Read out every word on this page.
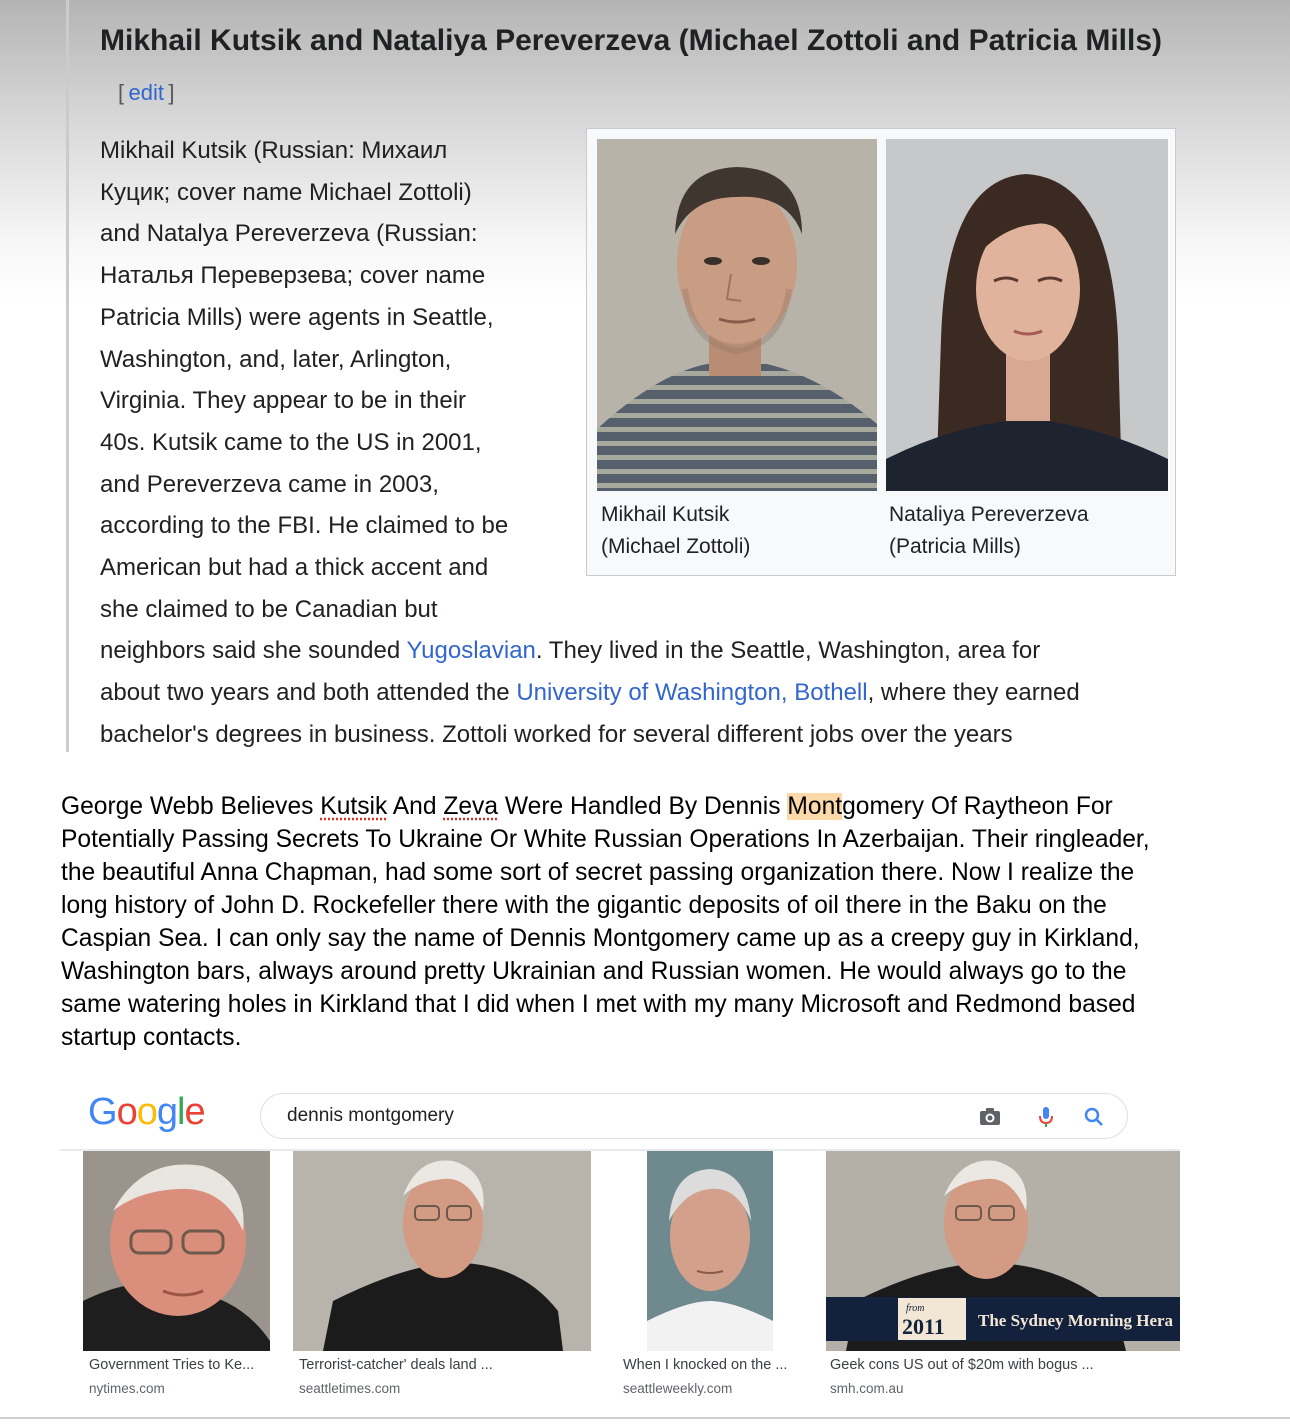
Mikhail Kutsik and Nataliya Pereverzeva (Michael Zottoli and Patricia Mills)[  edit  ]
Mikhail Kutsik
(Michael Zottoli)
Nataliya Pereverzeva
(Patricia Mills)

Mikhail Kutsik (Russian: Михаил

Куцик; cover name Michael Zottoli)

and Natalya Pereverzeva (Russian:

Наталья Переверзева; cover name

Patricia Mills) were agents in Seattle,

Washington, and, later, Arlington,

Virginia. They appear to be in their

40s. Kutsik came to the US in 2001,

and Pereverzeva came in 2003,

according to the FBI. He claimed to be

American but had a thick accent and

she claimed to be Canadian but

neighbors said she sounded Yugoslavian. They lived in the Seattle, Washington, area for

about two years and both attended the University of Washington, Bothell, where they earned

bachelor's degrees in business. Zottoli worked for several different jobs over the years

George Webb Believes Kutsik And Zeva Were Handled By Dennis Montgomery Of Raytheon For Potentially Passing Secrets To Ukraine Or White Russian Operations In Azerbaijan. Their ringleader, the beautiful Anna Chapman, had some sort of secret passing organization there. Now I realize the long history of John D. Rockefeller there with the gigantic deposits of oil there in the Baku on the Caspian Sea. I can only say the name of Dennis Montgomery came up as a creepy guy in Kirkland, Washington bars, always around pretty Ukrainian and Russian women. He would always go to the same watering holes in Kirkland that I did when I met with my many Microsoft and Redmond based startup contacts.
Google	dennis montgomery
from
2011 The Sydney Morning Hera
Government Tries to Ke...
nytimes.com
Terrorist-catcher' deals land ...
seattletimes.com
When I knocked on the ...
seattleweekly.com
Geek cons US out of $20m with bogus ...
smh.com.au
